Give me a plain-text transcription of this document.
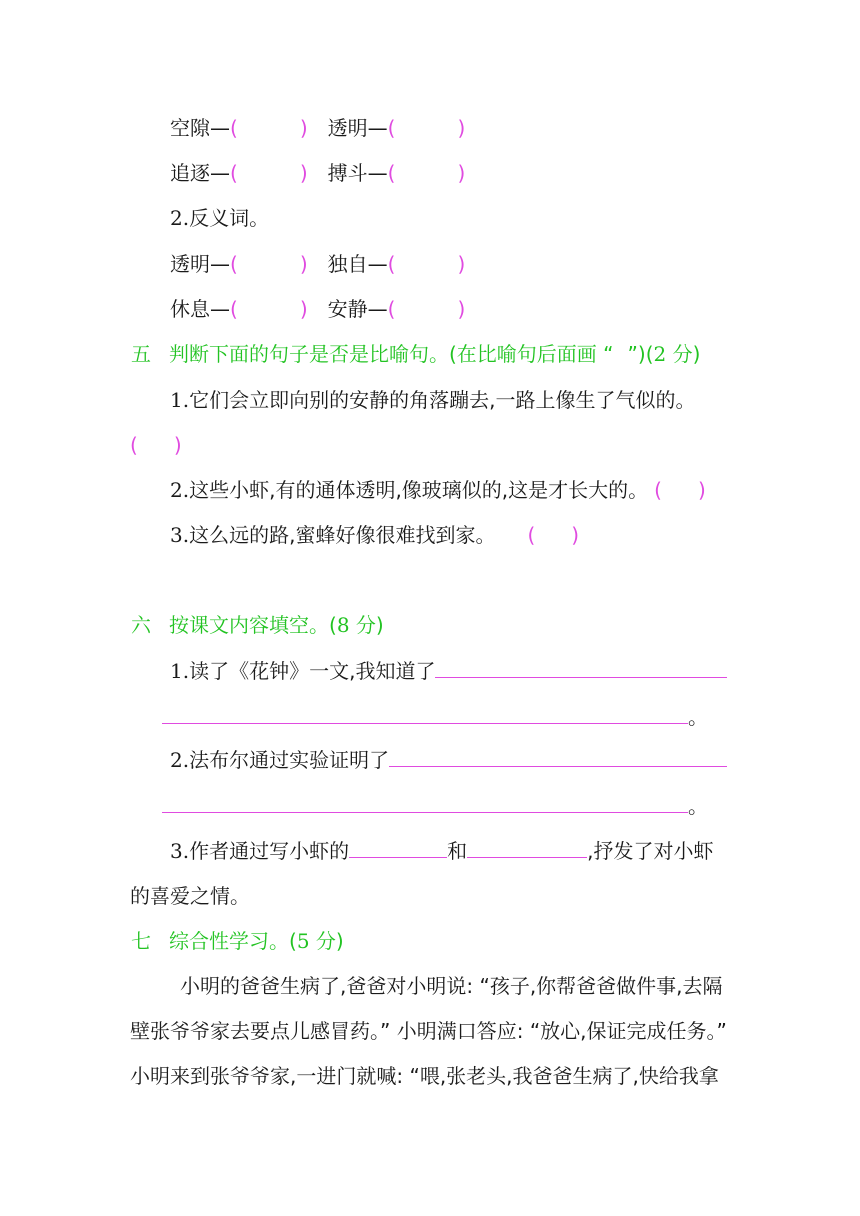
空隙—(	) 透明—(	)
追逐—(	) 搏斗—(	)
2.反义词。
透明—(	) 独自—(	)
休息—(	) 安静—(	)
五 判断下面的句子是否是比喻句。(在比喻句后面画 “ ”)(2 分)
1.它们会立即向别的安静的角落蹦去,一路上像生了气似的。
( )
2.这些小虾,有的通体透明,像玻璃似的,这是才长大的。 ( )
3.这么远的路,蜜蜂好像很难找到家。 ( )
六 按课文内容填空。(8 分)
1.读了《花钟》一文,我知道了
。
2.法布尔通过实验证明了
。
3.作者通过写小虾的	和	,抒发了对小虾
的喜爱之情。
七 综合性学习。(5 分)
小明的爸爸生病了,爸爸对小明说: “孩子,你帮爸爸做件事,去隔
壁张爷爷家去要点儿感冒药。” 小明满口答应: “放心,保证完成任务。”
小明来到张爷爷家,一进门就喊: “喂,张老头,我爸爸生病了,快给我拿
